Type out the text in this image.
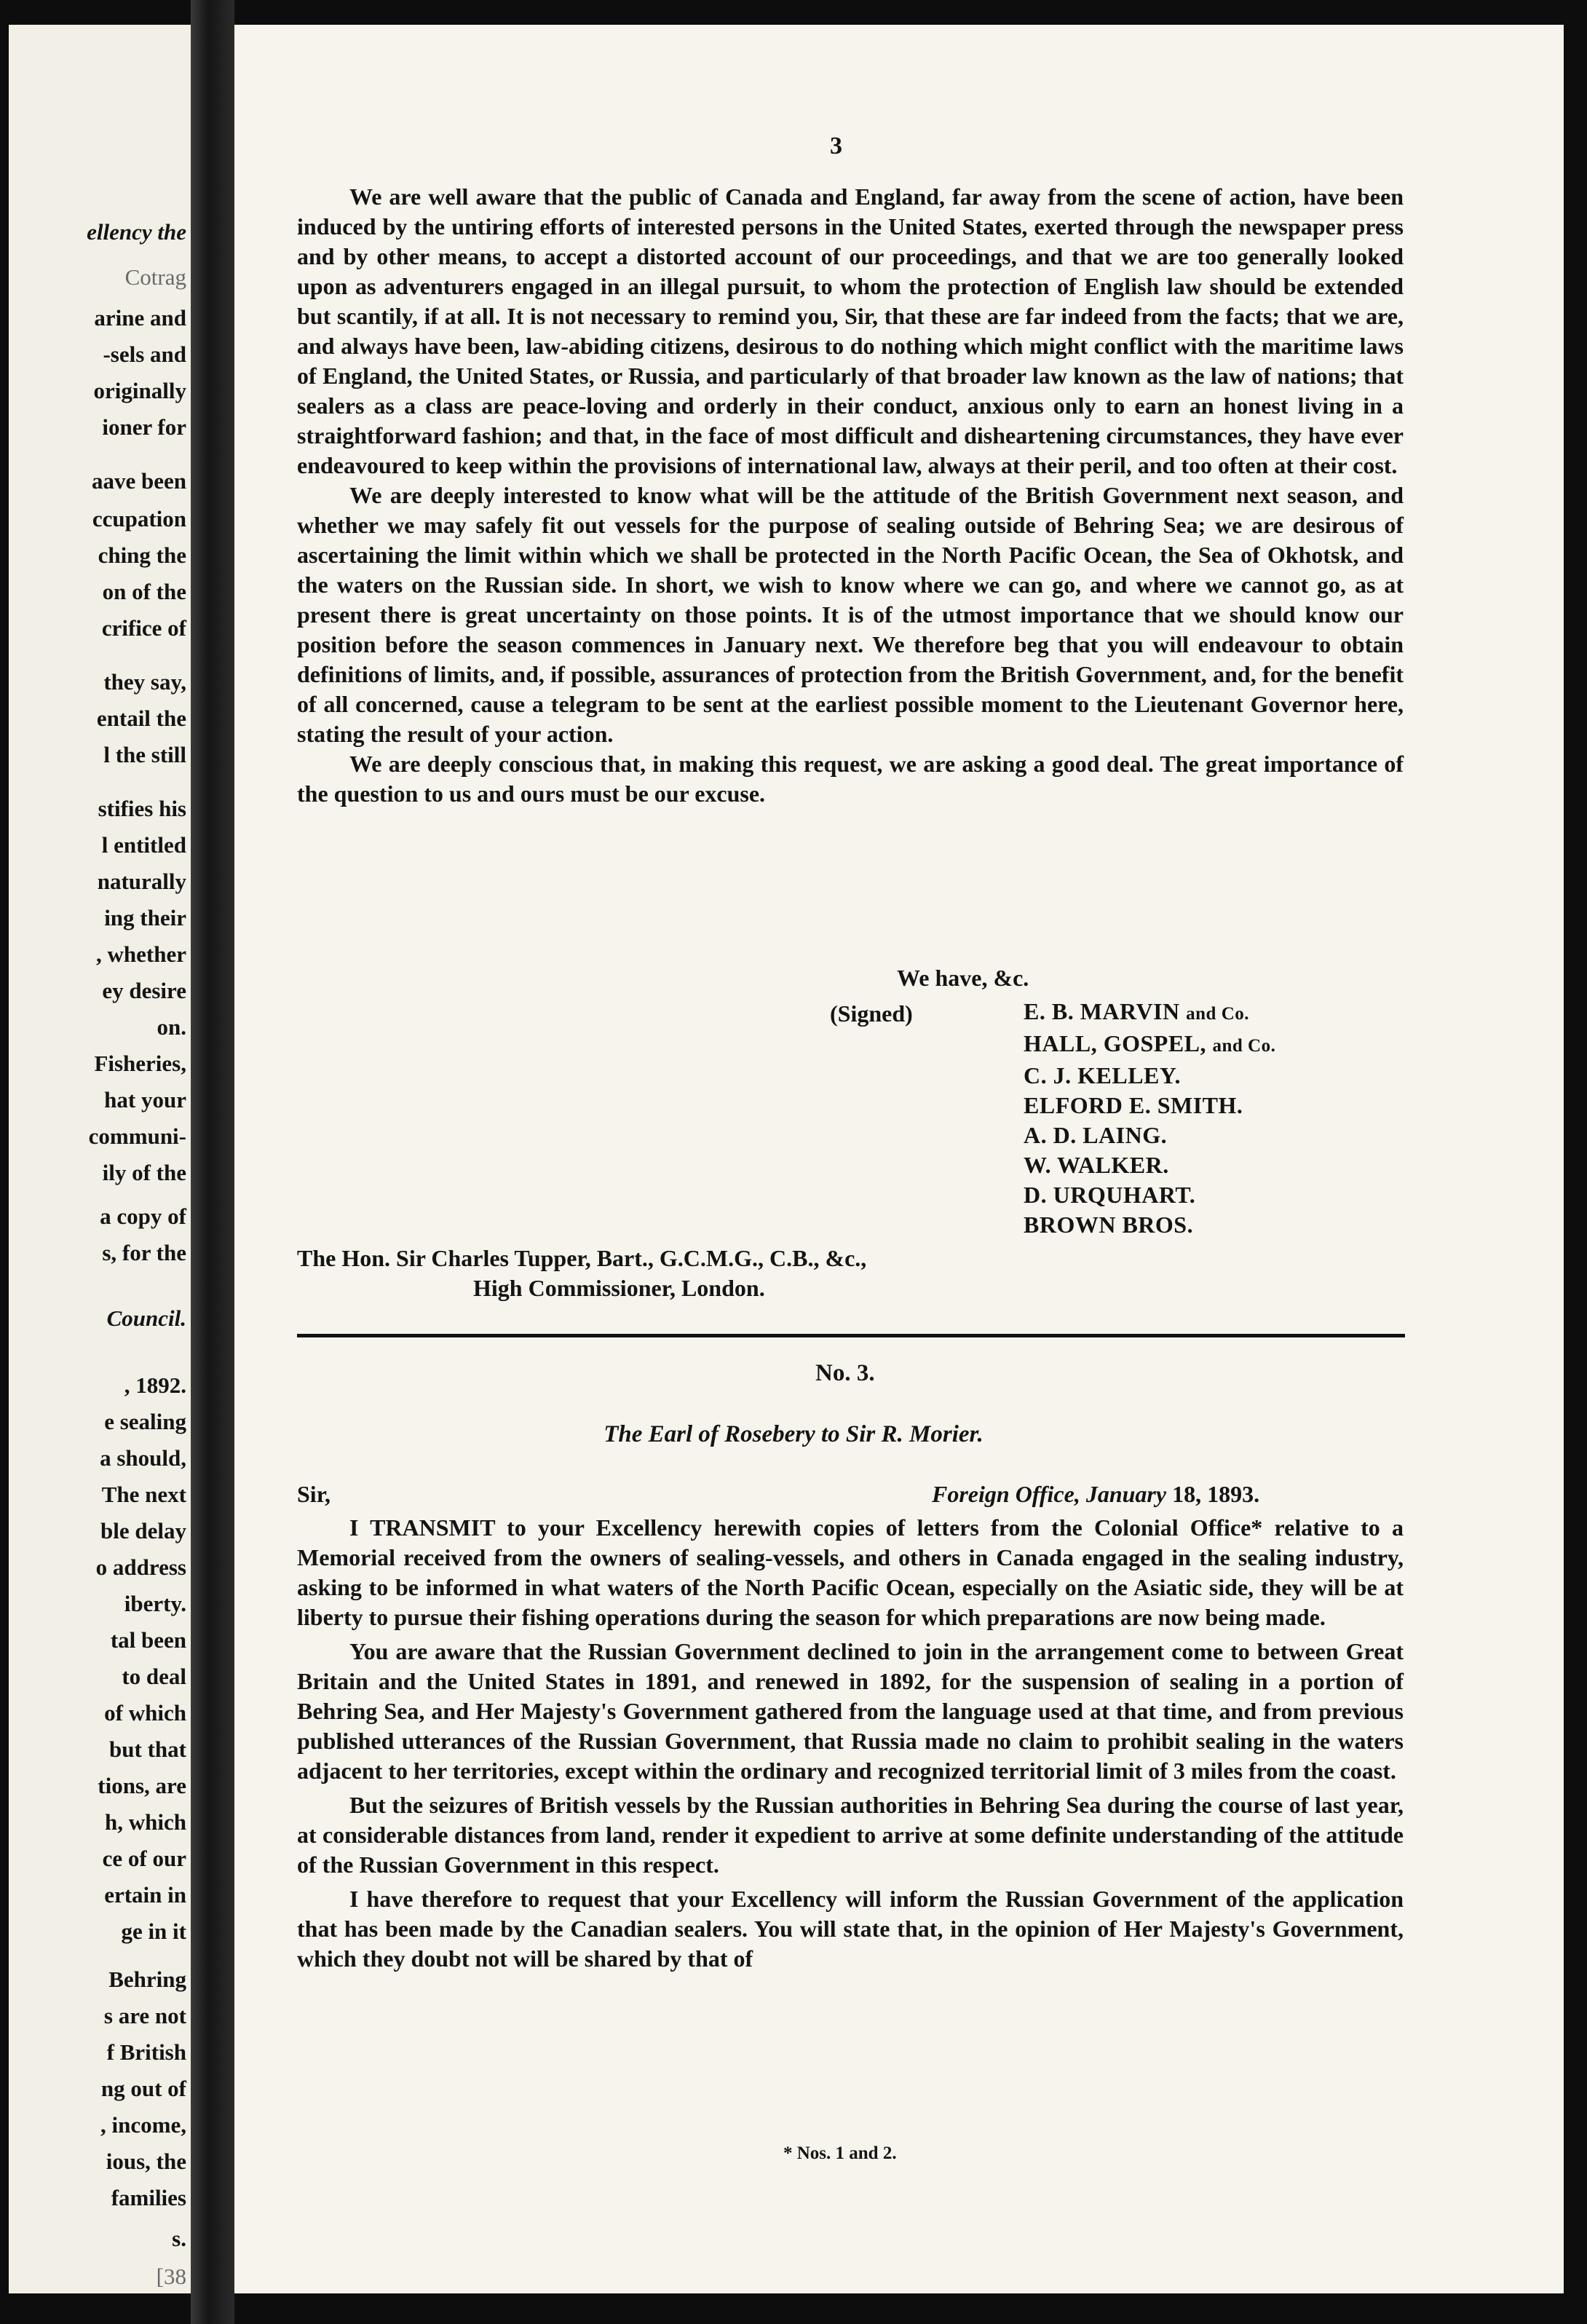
ellency the
Cotrag
arine and
-sels and
originally
ioner for
aave been
ccupation
ching the
on of the
crifice of
they say,
entail the
l the still
stifies his
l entitled
naturally
ing their
, whether
ey desire
on.
Fisheries,
hat your
communi-
ily of the
a copy of
s, for the
Council.
, 1892.
e sealing
a should,
The next
ble delay
o address
iberty.
tal been
to deal
of which
but that
tions, are
h, which
ce of our
ertain in
ge in it
Behring
s are not
f British
ng out of
, income,
ious, the
families
s.
[38
3

We are well aware that the public of Canada and England, far away from the scene of action, have been induced by the untiring efforts of interested persons in the United States, exerted through the newspaper press and by other means, to accept a distorted account of our proceedings, and that we are too generally looked upon as adventurers engaged in an illegal pursuit, to whom the protection of English law should be extended but scantily, if at all. It is not necessary to remind you, Sir, that these are far indeed from the facts; that we are, and always have been, law-abiding citizens, desirous to do nothing which might conflict with the maritime laws of England, the United States, or Russia, and particularly of that broader law known as the law of nations; that sealers as a class are peace-loving and orderly in their conduct, anxious only to earn an honest living in a straightforward fashion; and that, in the face of most difficult and disheartening circumstances, they have ever endeavoured to keep within the provisions of international law, always at their peril, and too often at their cost.

We are deeply interested to know what will be the attitude of the British Government next season, and whether we may safely fit out vessels for the purpose of sealing outside of Behring Sea; we are desirous of ascertaining the limit within which we shall be protected in the North Pacific Ocean, the Sea of Okhotsk, and the waters on the Russian side. In short, we wish to know where we can go, and where we cannot go, as at present there is great uncertainty on those points. It is of the utmost importance that we should know our position before the season commences in January next. We therefore beg that you will endeavour to obtain definitions of limits, and, if possible, assurances of protection from the British Government, and, for the benefit of all concerned, cause a telegram to be sent at the earliest possible moment to the Lieutenant Governor here, stating the result of your action.

We are deeply conscious that, in making this request, we are asking a good deal. The great importance of the question to us and ours must be our excuse.

We have, &c.
(Signed)	E. B. MARVIN and Co.
HALL, GOSPEL, and Co.
C. J. KELLEY.
ELFORD E. SMITH.
A. D. LAING.
W. WALKER.
D. URQUHART.
BROWN BROS.
The Hon. Sir Charles Tupper, Bart., G.C.M.G., C.B., &c.,
High Commissioner, London.
No. 3.
The Earl of Rosebery to Sir R. Morier.
Sir,	Foreign Office, January 18, 1893.

I TRANSMIT to your Excellency herewith copies of letters from the Colonial Office* relative to a Memorial received from the owners of sealing-vessels, and others in Canada engaged in the sealing industry, asking to be informed in what waters of the North Pacific Ocean, especially on the Asiatic side, they will be at liberty to pursue their fishing operations during the season for which preparations are now being made.

You are aware that the Russian Government declined to join in the arrangement come to between Great Britain and the United States in 1891, and renewed in 1892, for the suspension of sealing in a portion of Behring Sea, and Her Majesty's Government gathered from the language used at that time, and from previous published utterances of the Russian Government, that Russia made no claim to prohibit sealing in the waters adjacent to her territories, except within the ordinary and recognized territorial limit of 3 miles from the coast.

But the seizures of British vessels by the Russian authorities in Behring Sea during the course of last year, at considerable distances from land, render it expedient to arrive at some definite understanding of the attitude of the Russian Government in this respect.

I have therefore to request that your Excellency will inform the Russian Government of the application that has been made by the Canadian sealers. You will state that, in the opinion of Her Majesty's Government, which they doubt not will be shared by that of

* Nos. 1 and 2.
